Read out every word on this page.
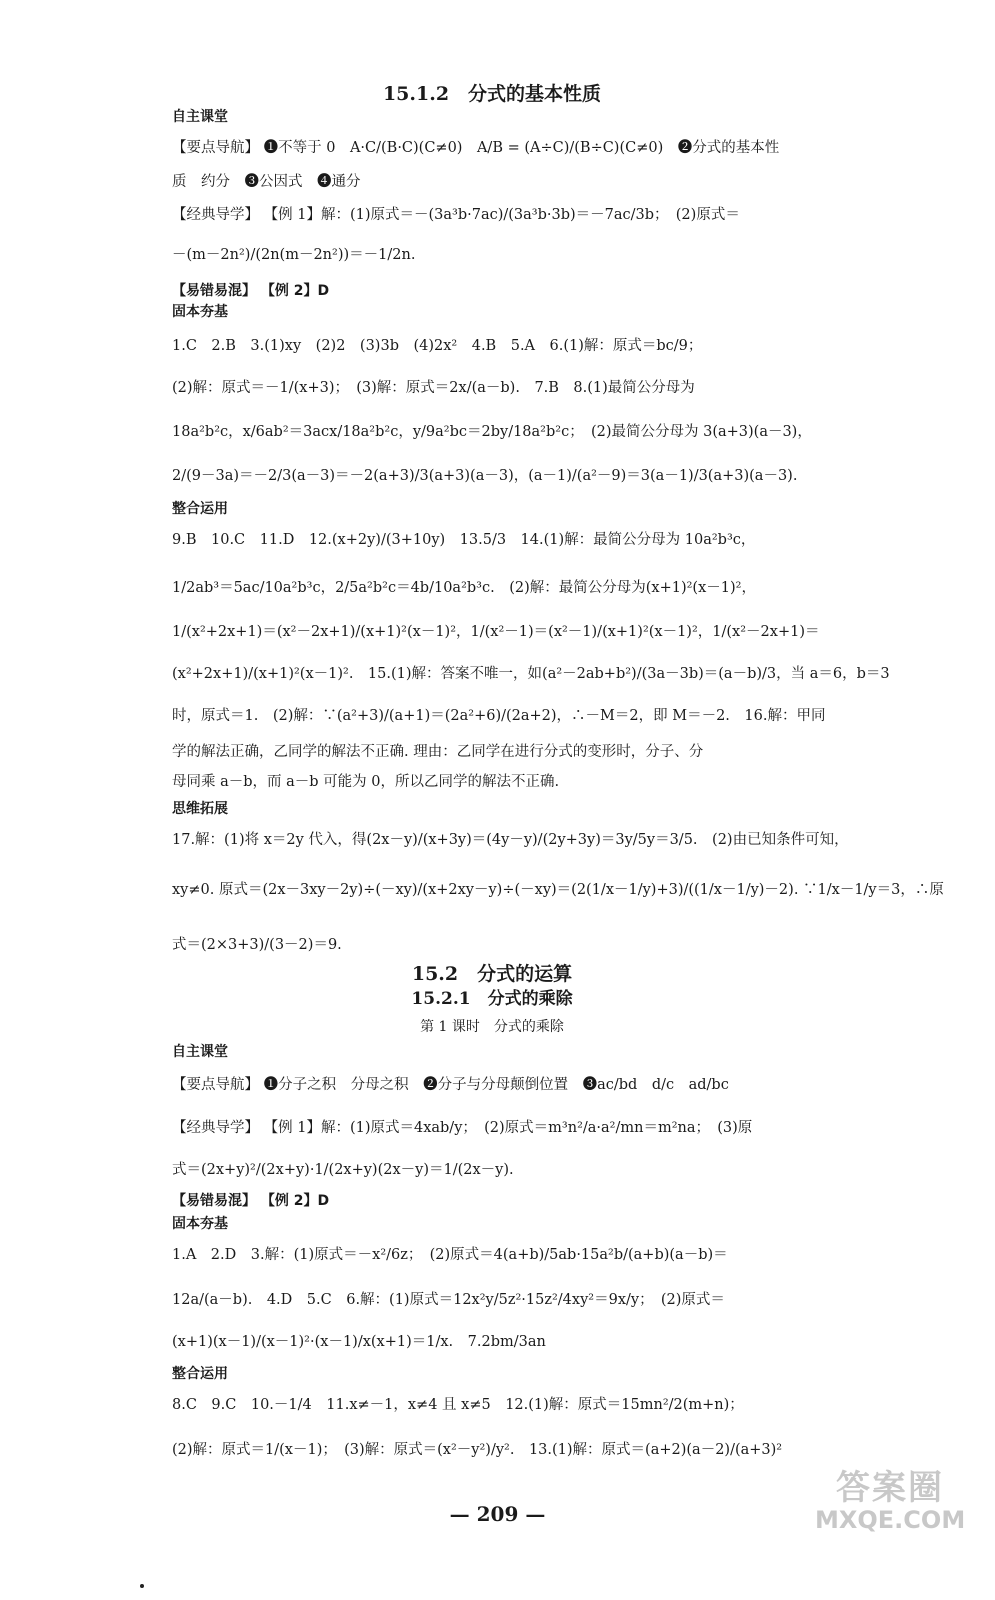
15.1.2　分式的基本性质

自主课堂

【要点导航】 ❶不等于 0　A·C/(B·C)(C≠0)　A/B = (A÷C)/(B÷C)(C≠0)　❷分式的基本性

质　约分　❸公因式　❹通分

【经典导学】 【例 1】解：(1)原式＝－(3a³b·7ac)/(3a³b·3b)＝－7ac/3b；　(2)原式＝

－(m－2n²)/(2n(m－2n²))＝－1/2n.

【易错易混】 【例 2】D

固本夯基

1.C　2.B　3.(1)xy　(2)2　(3)3b　(4)2x²　4.B　5.A　6.(1)解：原式＝bc/9；

(2)解：原式＝－1/(x+3)；　(3)解：原式＝2x/(a－b).　7.B　8.(1)最简公分母为

18a²b²c，x/6ab²＝3acx/18a²b²c，y/9a²bc＝2by/18a²b²c；　(2)最简公分母为 3(a+3)(a－3)，

2/(9－3a)＝－2/3(a－3)＝－2(a+3)/3(a+3)(a－3)，(a－1)/(a²－9)＝3(a－1)/3(a+3)(a－3).

整合运用

9.B　10.C　11.D　12.(x+2y)/(3+10y)　13.5/3　14.(1)解：最简公分母为 10a²b³c，

1/2ab³＝5ac/10a²b³c，2/5a²b²c＝4b/10a²b³c.　(2)解：最简公分母为(x+1)²(x－1)²，

1/(x²+2x+1)＝(x²－2x+1)/(x+1)²(x－1)²，1/(x²－1)＝(x²－1)/(x+1)²(x－1)²，1/(x²－2x+1)＝

(x²+2x+1)/(x+1)²(x－1)².　15.(1)解：答案不唯一，如(a²－2ab+b²)/(3a－3b)＝(a－b)/3，当 a＝6，b＝3

时，原式＝1.　(2)解：∵(a²+3)/(a+1)＝(2a²+6)/(2a+2)，∴－M＝2，即 M＝－2.　16.解：甲同

学的解法正确，乙同学的解法不正确. 理由：乙同学在进行分式的变形时，分子、分

母同乘 a－b，而 a－b 可能为 0，所以乙同学的解法不正确.

思维拓展

17.解：(1)将 x＝2y 代入，得(2x－y)/(x+3y)＝(4y－y)/(2y+3y)＝3y/5y＝3/5.　(2)由已知条件可知，

xy≠0. 原式＝(2x－3xy－2y)÷(－xy)/(x+2xy－y)÷(－xy)＝(2(1/x－1/y)+3)/((1/x－1/y)－2). ∵1/x－1/y＝3，∴原

式＝(2×3+3)/(3－2)＝9.

15.2　分式的运算
15.2.1　分式的乘除

第 1 课时　分式的乘除

自主课堂

【要点导航】 ❶分子之积　分母之积　❷分子与分母颠倒位置　❸ac/bd　d/c　ad/bc

【经典导学】 【例 1】解：(1)原式＝4xab/y；　(2)原式＝m³n²/a·a²/mn＝m²na；　(3)原

式＝(2x+y)²/(2x+y)·1/(2x+y)(2x－y)＝1/(2x－y).

【易错易混】 【例 2】D

固本夯基

1.A　2.D　3.解：(1)原式＝－x²/6z；　(2)原式＝4(a+b)/5ab·15a²b/(a+b)(a－b)＝

12a/(a－b).　4.D　5.C　6.解：(1)原式＝12x²y/5z²·15z²/4xy²＝9x/y；　(2)原式＝

(x+1)(x－1)/(x－1)²·(x－1)/x(x+1)＝1/x.　7.2bm/3an

整合运用

8.C　9.C　10.－1/4　11.x≠－1，x≠4 且 x≠5　12.(1)解：原式＝15mn²/2(m+n)；

(2)解：原式＝1/(x－1)；　(3)解：原式＝(x²－y²)/y².　13.(1)解：原式＝(a+2)(a－2)/(a+3)²

— 209 —
答案圈
MXQE.COM
